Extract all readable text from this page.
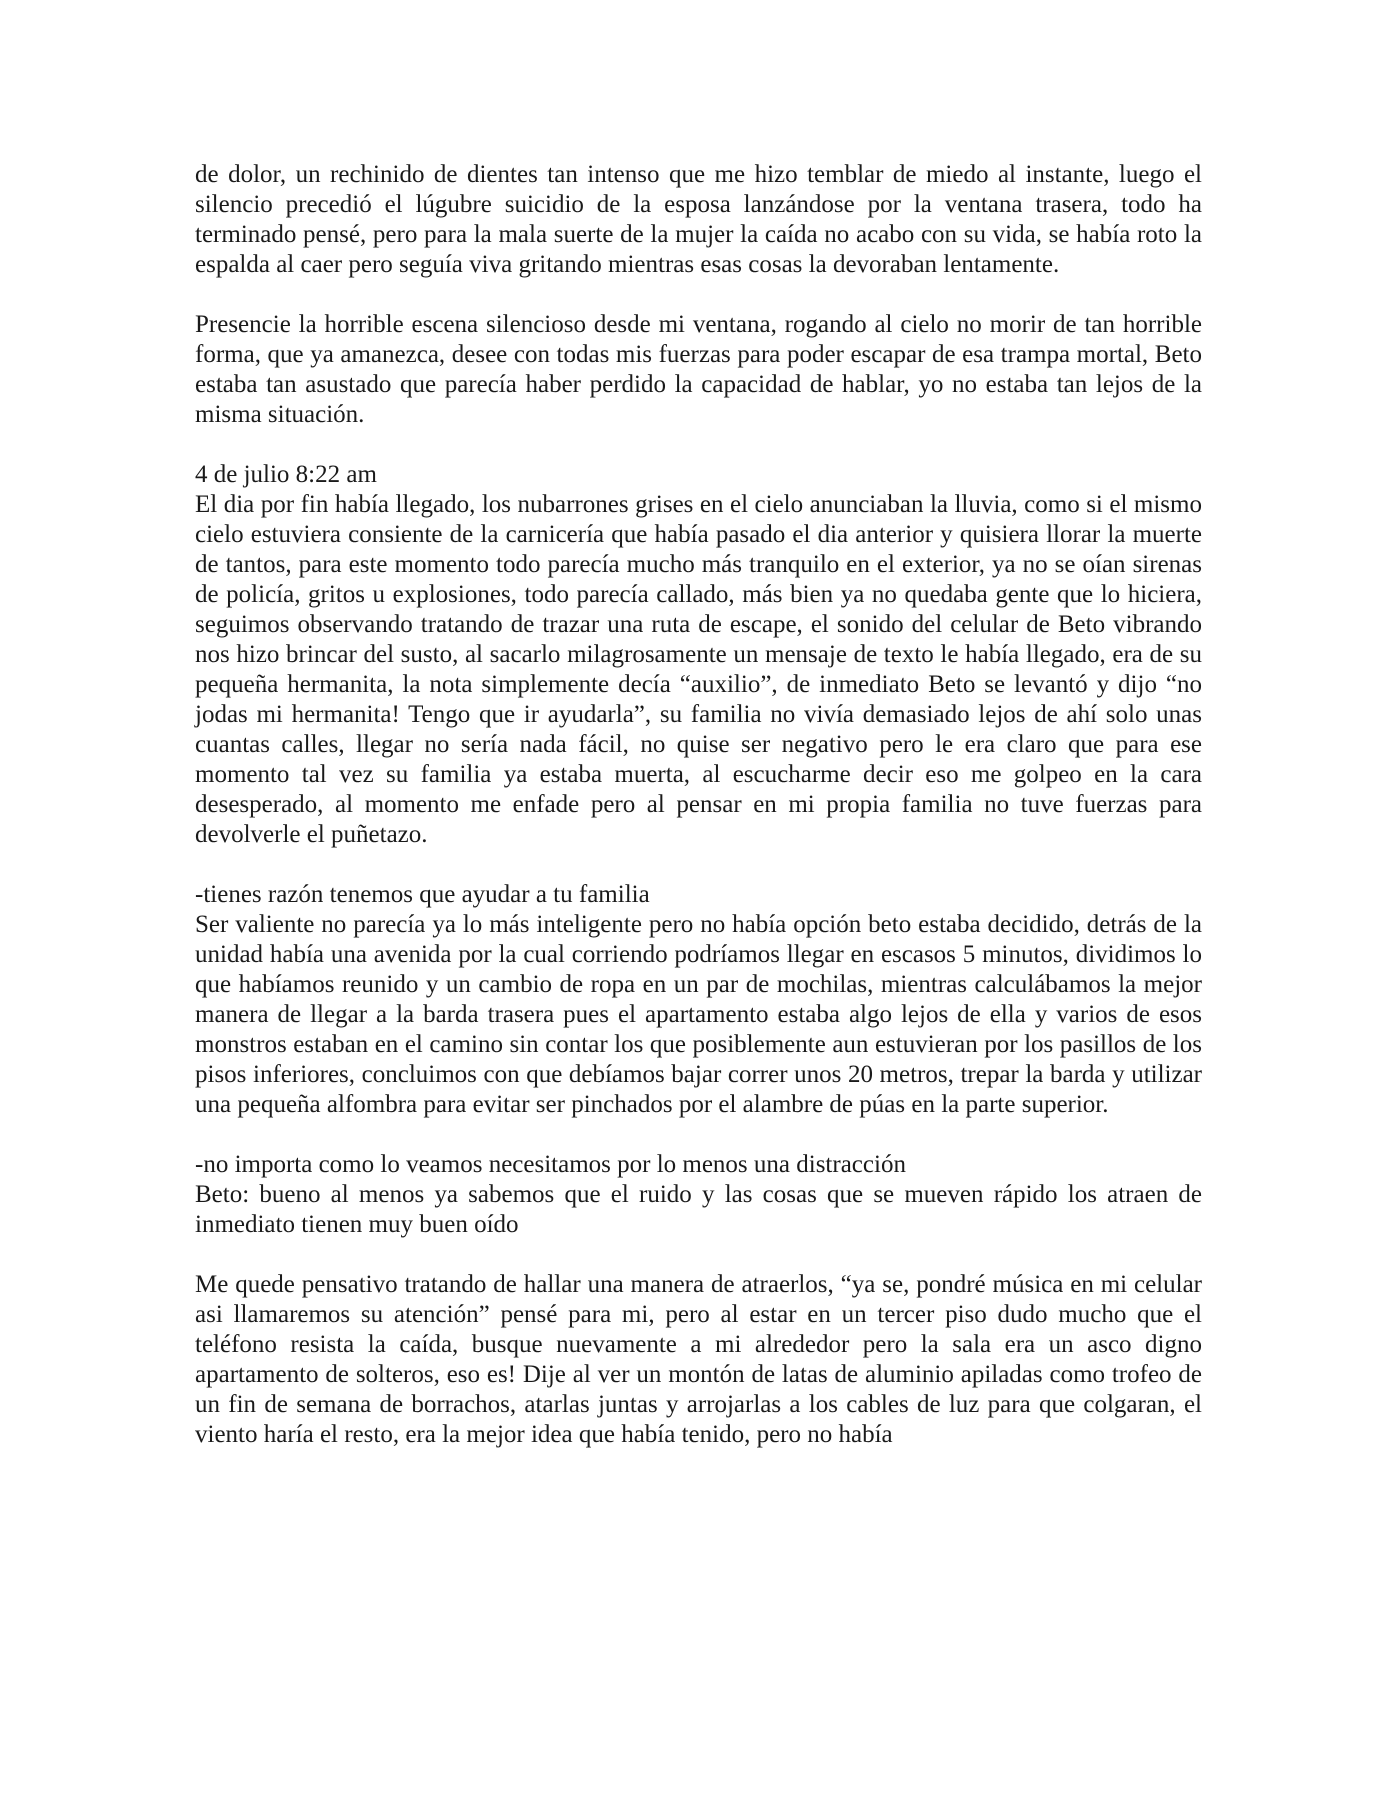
de dolor, un rechinido de dientes tan intenso que me hizo temblar de miedo al instante, luego el silencio precedió el lúgubre suicidio de la esposa lanzándose por la ventana trasera, todo ha terminado pensé, pero para la mala suerte de la mujer la caída no acabo con su vida, se había roto la espalda al caer pero seguía viva gritando mientras esas cosas la devoraban lentamente.

Presencie la horrible escena silencioso desde mi ventana, rogando al cielo no morir de tan horrible forma, que ya amanezca, desee con todas mis fuerzas para poder escapar de esa trampa mortal, Beto estaba tan asustado que parecía haber perdido la capacidad de hablar, yo no estaba tan lejos de la misma situación.

4 de julio 8:22 am

El dia por fin había llegado, los nubarrones grises en el cielo anunciaban la lluvia, como si el mismo cielo estuviera consiente de la carnicería que había pasado el dia anterior y quisiera llorar la muerte de tantos, para este momento todo parecía mucho más tranquilo en el exterior, ya no se oían sirenas de policía, gritos u explosiones, todo parecía callado, más bien ya no quedaba gente que lo hiciera, seguimos observando tratando de trazar una ruta de escape, el sonido del celular de Beto vibrando nos hizo brincar del susto, al sacarlo milagrosamente un mensaje de texto le había llegado, era de su pequeña hermanita, la nota simplemente decía “auxilio”, de inmediato Beto se levantó y dijo “no jodas mi hermanita! Tengo que ir ayudarla”, su familia no vivía demasiado lejos de ahí solo unas cuantas calles, llegar no sería nada fácil, no quise ser negativo pero le era claro que para ese momento tal vez su familia ya estaba muerta, al escucharme decir eso me golpeo en la cara desesperado, al momento me enfade pero al pensar en mi propia familia no tuve fuerzas para devolverle el puñetazo.

-tienes razón tenemos que ayudar a tu familia

Ser valiente no parecía ya lo más inteligente pero no había opción beto estaba decidido, detrás de la unidad había una avenida por la cual corriendo podríamos llegar en escasos 5 minutos, dividimos lo que habíamos reunido y un cambio de ropa en un par de mochilas, mientras calculábamos la mejor manera de llegar a la barda trasera pues el apartamento estaba algo lejos de ella y varios de esos monstros estaban en el camino sin contar los que posiblemente aun estuvieran por los pasillos de los pisos inferiores, concluimos con que debíamos bajar correr unos 20 metros, trepar la barda y utilizar una pequeña alfombra para evitar ser pinchados por el alambre de púas en la parte superior.

-no importa como lo veamos necesitamos por lo menos una distracción

Beto: bueno al menos ya sabemos que el ruido y las cosas que se mueven rápido los atraen de inmediato tienen muy buen oído

Me quede pensativo tratando de hallar una manera de atraerlos, “ya se, pondré música en mi celular asi llamaremos su atención” pensé para mi, pero al estar en un tercer piso dudo mucho que el teléfono resista la caída, busque nuevamente a mi alrededor pero la sala era un asco digno apartamento de solteros, eso es! Dije al ver un montón de latas de aluminio apiladas como trofeo de un fin de semana de borrachos, atarlas juntas y arrojarlas a los cables de luz para que colgaran, el viento haría el resto, era la mejor idea que había tenido, pero no había
